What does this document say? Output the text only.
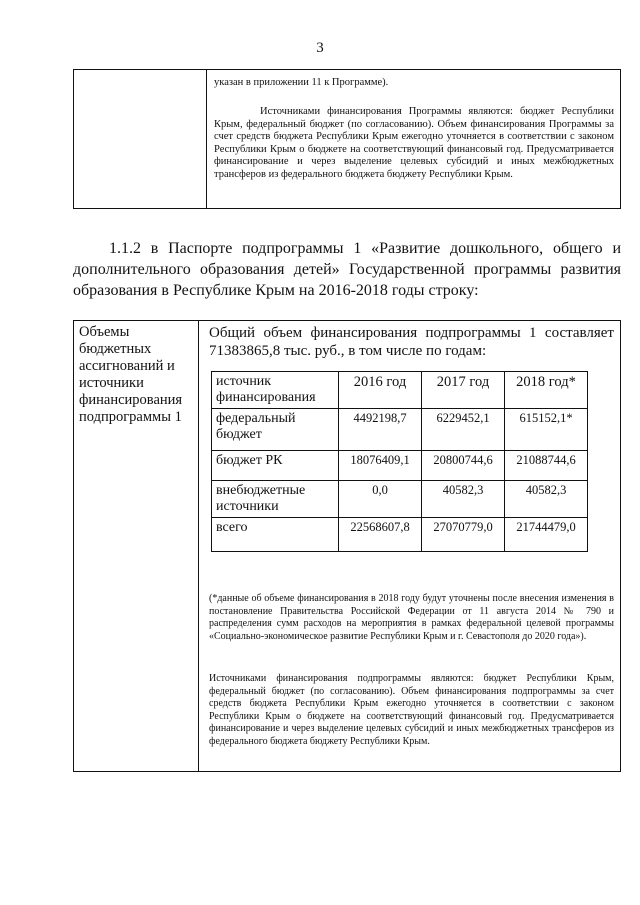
3
указан в приложении 11 к Программе).
Источниками финансирования Программы являются: бюджет Республики Крым, федеральный бюджет (по согласованию). Объем финансирования Программы за счет средств бюджета Республики Крым ежегодно уточняется в соответствии с законом Республики Крым о бюджете на соответствующий финансовый год. Предусматривается финансирование и через выделение целевых субсидий и иных межбюджетных трансферов из федерального бюджета бюджету Республики Крым.
1.1.2 в Паспорте подпрограммы 1 «Развитие дошкольного, общего и дополнительного образования детей» Государственной программы развития образования в Республике Крым на 2016-2018 годы строку:
Объемы бюджетных ассигнований и источники финансирования подпрограммы 1
Общий объем финансирования подпрограммы 1 составляет 71383865,8 тыс. руб., в том числе по годам:
источник финансирования	2016 год	2017 год	2018 год*
федеральный бюджет	4492198,7	6229452,1	615152,1*
бюджет РК	18076409,1	20800744,6	21088744,6
внебюджетные источники	0,0	40582,3	40582,3
всего	22568607,8	27070779,0	21744479,0
(*данные об объеме финансирования в 2018 году будут уточнены после внесения изменения в постановление Правительства Российской Федерации от 11 августа 2014 № 790 и распределения сумм расходов на мероприятия в рамках федеральной целевой программы «Социально-экономическое развитие Республики Крым и г. Севастополя до 2020 года»).
Источниками финансирования подпрограммы являются: бюджет Республики Крым, федеральный бюджет (по согласованию). Объем финансирования подпрограммы за счет средств бюджета Республики Крым ежегодно уточняется в соответствии с законом Республики Крым о бюджете на соответствующий финансовый год. Предусматривается финансирование и через выделение целевых субсидий и иных межбюджетных трансферов из федерального бюджета бюджету Республики Крым.
